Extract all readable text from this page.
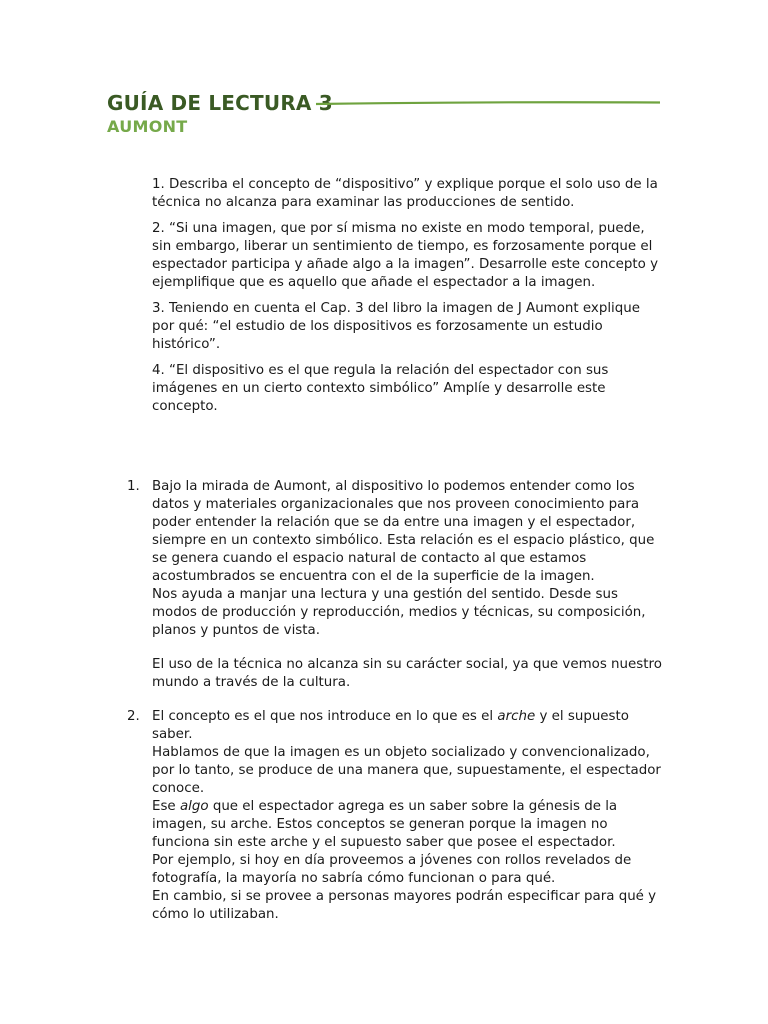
GUÍA DE LECTURA 3
AUMONT

1. Describa el concepto de “dispositivo” y explique porque el solo uso de la técnica no alcanza para examinar las producciones de sentido.

2. “Si una imagen, que por sí misma no existe en modo temporal, puede, sin embargo, liberar un sentimiento de tiempo, es forzosamente porque el espectador participa y añade algo a la imagen”. Desarrolle este concepto y ejemplifique que es aquello que añade el espectador a la imagen.

3. Teniendo en cuenta el Cap. 3 del libro la imagen de J Aumont explique por qué: “el estudio de los dispositivos es forzosamente un estudio histórico”.

4. “El dispositivo es el que regula la relación del espectador con sus imágenes en un cierto contexto simbólico” Amplíe y desarrolle este concepto.

1. Bajo la mirada de Aumont, al dispositivo lo podemos entender como los datos y materiales organizacionales que nos proveen conocimiento para poder entender la relación que se da entre una imagen y el espectador, siempre en un contexto simbólico. Esta relación es el espacio plástico, que se genera cuando el espacio natural de contacto al que estamos acostumbrados se encuentra con el de la superficie de la imagen.

Nos ayuda a manjar una lectura y una gestión del sentido. Desde sus modos de producción y reproducción, medios y técnicas, su composición, planos y puntos de vista.

El uso de la técnica no alcanza sin su carácter social, ya que vemos nuestro mundo a través de la cultura.

2. El concepto es el que nos introduce en lo que es el arche y el supuesto saber.

Hablamos de que la imagen es un objeto socializado y convencionalizado, por lo tanto, se produce de una manera que, supuestamente, el espectador conoce.

Ese algo que el espectador agrega es un saber sobre la génesis de la imagen, su arche. Estos conceptos se generan porque la imagen no funciona sin este arche y el supuesto saber que posee el espectador.

Por ejemplo, si hoy en día proveemos a jóvenes con rollos revelados de fotografía, la mayoría no sabría cómo funcionan o para qué.

En cambio, si se provee a personas mayores podrán especificar para qué y cómo lo utilizaban.
